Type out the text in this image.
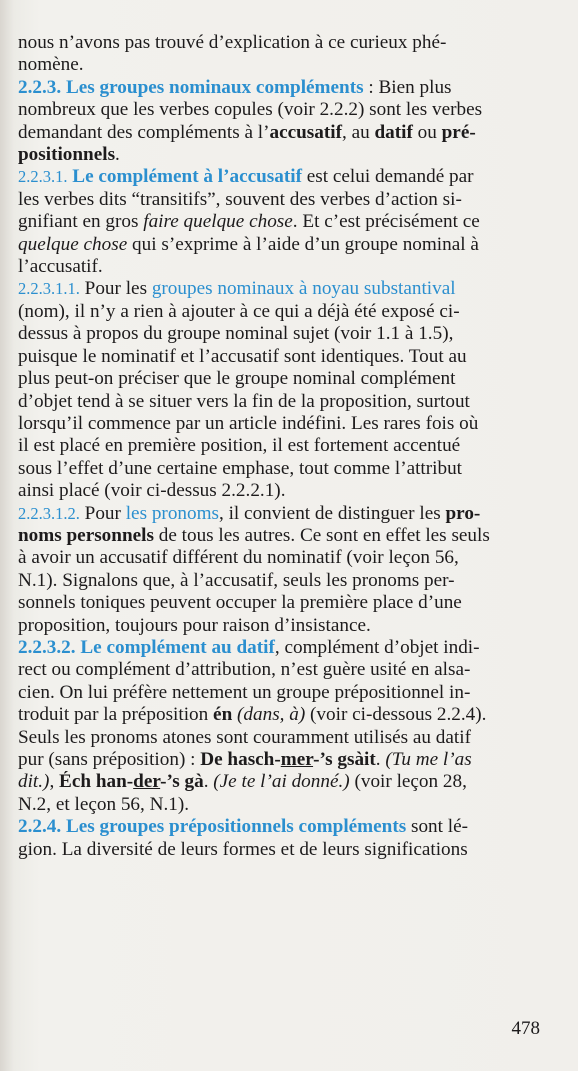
nous n’avons pas trouvé d’explication à ce curieux phé-
nomène.
2.2.3. Les groupes nominaux compléments : Bien plus
nombreux que les verbes copules (voir 2.2.2) sont les verbes
demandant des compléments à l’accusatif, au datif ou pré-
positionnels.
2.2.3.1. Le complément à l’accusatif est celui demandé par
les verbes dits “transitifs”, souvent des verbes d’action si-
gnifiant en gros faire quelque chose. Et c’est précisément ce
quelque chose qui s’exprime à l’aide d’un groupe nominal à
l’accusatif.
2.2.3.1.1. Pour les groupes nominaux à noyau substantival
(nom), il n’y a rien à ajouter à ce qui a déjà été exposé ci-
dessus à propos du groupe nominal sujet (voir 1.1 à 1.5),
puisque le nominatif et l’accusatif sont identiques. Tout au
plus peut-on préciser que le groupe nominal complément
d’objet tend à se situer vers la fin de la proposition, surtout
lorsqu’il commence par un article indéfini. Les rares fois où
il est placé en première position, il est fortement accentué
sous l’effet d’une certaine emphase, tout comme l’attribut
ainsi placé (voir ci-dessus 2.2.2.1).
2.2.3.1.2. Pour les pronoms, il convient de distinguer les pro-
noms personnels de tous les autres. Ce sont en effet les seuls
à avoir un accusatif différent du nominatif (voir leçon 56,
N.1). Signalons que, à l’accusatif, seuls les pronoms per-
sonnels toniques peuvent occuper la première place d’une
proposition, toujours pour raison d’insistance.
2.2.3.2. Le complément au datif, complément d’objet indi-
rect ou complément d’attribution, n’est guère usité en alsa-
cien. On lui préfère nettement un groupe prépositionnel in-
troduit par la préposition én (dans, à) (voir ci-dessous 2.2.4).
Seuls les pronoms atones sont couramment utilisés au datif
pur (sans préposition) : De hasch-mer-’s gsàit. (Tu me l’as
dit.), Éch han-der-’s gà. (Je te l’ai donné.) (voir leçon 28,
N.2, et leçon 56, N.1).
2.2.4. Les groupes prépositionnels compléments sont lé-
gion. La diversité de leurs formes et de leurs significations
478
